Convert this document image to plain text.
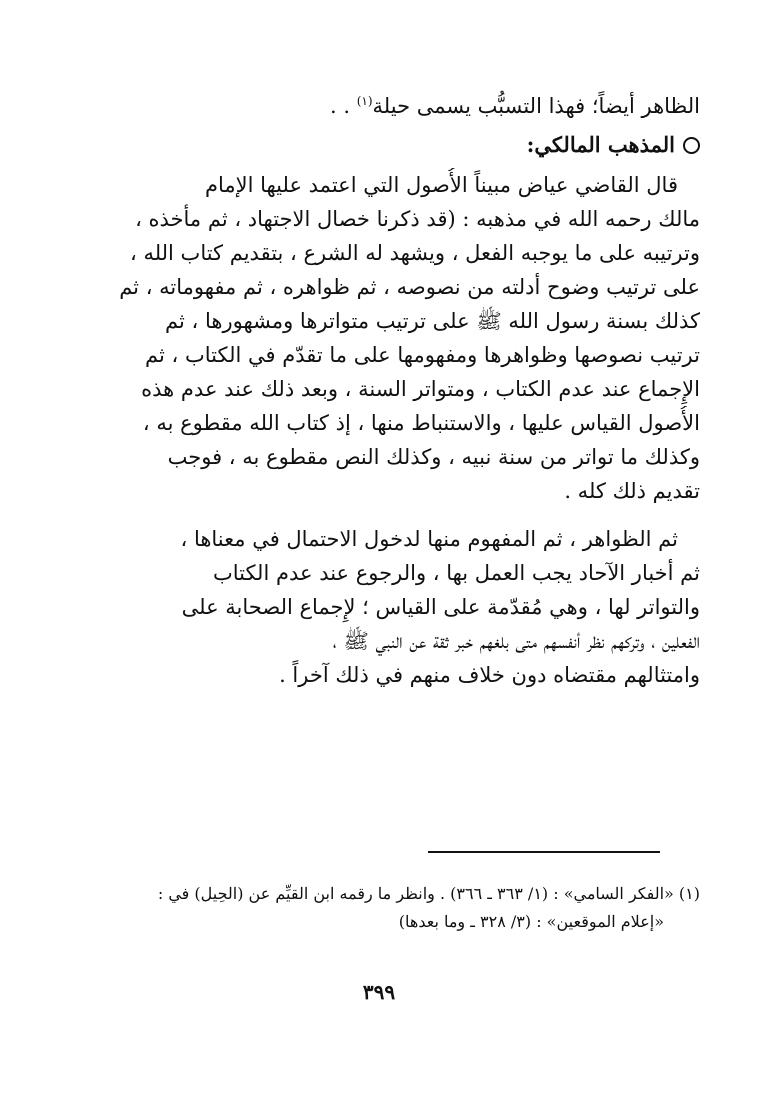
الظاهر أيضاً؛ فهذا التسبُّب يسمى حيلة$^{(١)}$ . .
المذهب المالكي:
قال القاضي عياض مبيناً الأُصول التي اعتمد عليها الإمام
مالك رحمه الله في مذهبه : (قد ذكرنا خصال الاجتهاد ، ثم مأخذه ،
وترتيبه على ما يوجبه الفعل ، ويشهد له الشرع ، بتقديم كتاب الله ،
على ترتيب وضوح أدلته من نصوصه ، ثم ظواهره ، ثم مفهوماته ، ثم
كذلك بسنة رسول الله ﷺ على ترتيب متواترها ومشهورها ، ثم
ترتيب نصوصها وظواهرها ومفهومها على ما تقدّم في الكتاب ، ثم
الإِجماع عند عدم الكتاب ، ومتواتر السنة ، وبعد ذلك عند عدم هذه
الأُصول القياس عليها ، والاستنباط منها ، إذ كتاب الله مقطوع به ،
وكذلك ما تواتر من سنة نبيه ، وكذلك النص مقطوع به ، فوجب
تقديم ذلك كله .
ثم الظواهر ، ثم المفهوم منها لدخول الاحتمال في معناها ،
ثم أخبار الآحاد يجب العمل بها ، والرجوع عند عدم الكتاب
والتواتر لها ، وهي مُقدّمة على القياس ؛ لإِجماع الصحابة على
الفعلين ، وتركهم نظر أنفسهم متى بلغهم خبر ثقة عن النبي ﷺ ،
وامتثالهم مقتضاه دون خلاف منهم في ذلك آخراً .
(١) «الفكر السامي» : (١/ ٣٦٣ ـ ٣٦٦) . وانظر ما رقمه ابن القيِّم عن (الحِيل) في :
«إعلام الموقعين» : (٣/ ٣٢٨ ـ وما بعدها)
٣٩٩
